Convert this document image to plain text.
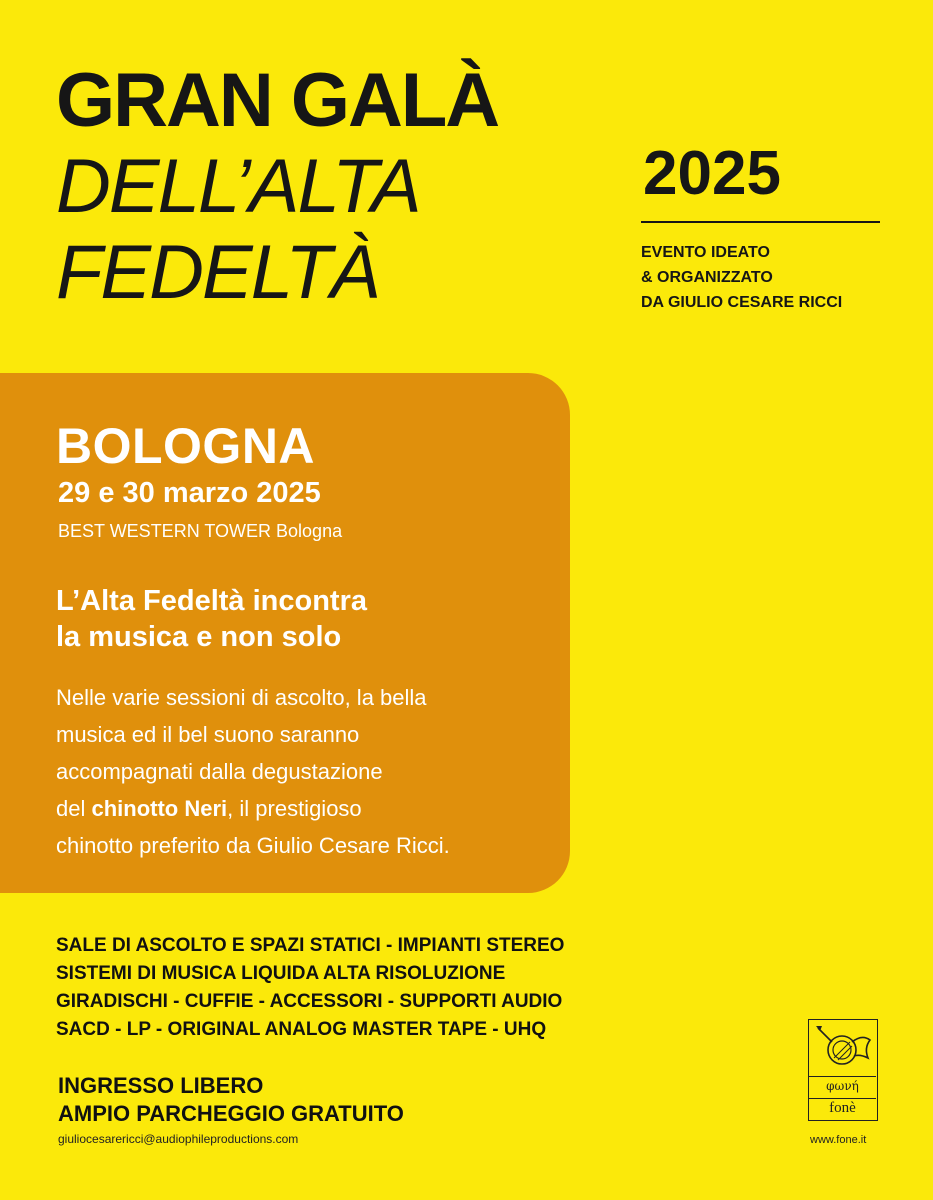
GRAN GALÀ
DELL’ALTA
FEDELTÀ
2025
EVENTO IDEATO
& ORGANIZZATO
DA GIULIO CESARE RICCI
BOLOGNA
29 e 30 marzo 2025
BEST WESTERN TOWER Bologna
L’Alta Fedeltà incontra
la musica e non solo
Nelle varie sessioni di ascolto, la bella
musica ed il bel suono saranno
accompagnati dalla degustazione
del chinotto Neri, il prestigioso
chinotto preferito da Giulio Cesare Ricci.
SALE DI ASCOLTO E SPAZI STATICI - IMPIANTI STEREO
SISTEMI DI MUSICA LIQUIDA ALTA RISOLUZIONE
GIRADISCHI - CUFFIE - ACCESSORI - SUPPORTI AUDIO
SACD - LP - ORIGINAL ANALOG MASTER TAPE - UHQ
INGRESSO LIBERO
AMPIO PARCHEGGIO GRATUITO
giuliocesarericci@audiophileproductions.com
φωνή
fonè
www.fone.it
